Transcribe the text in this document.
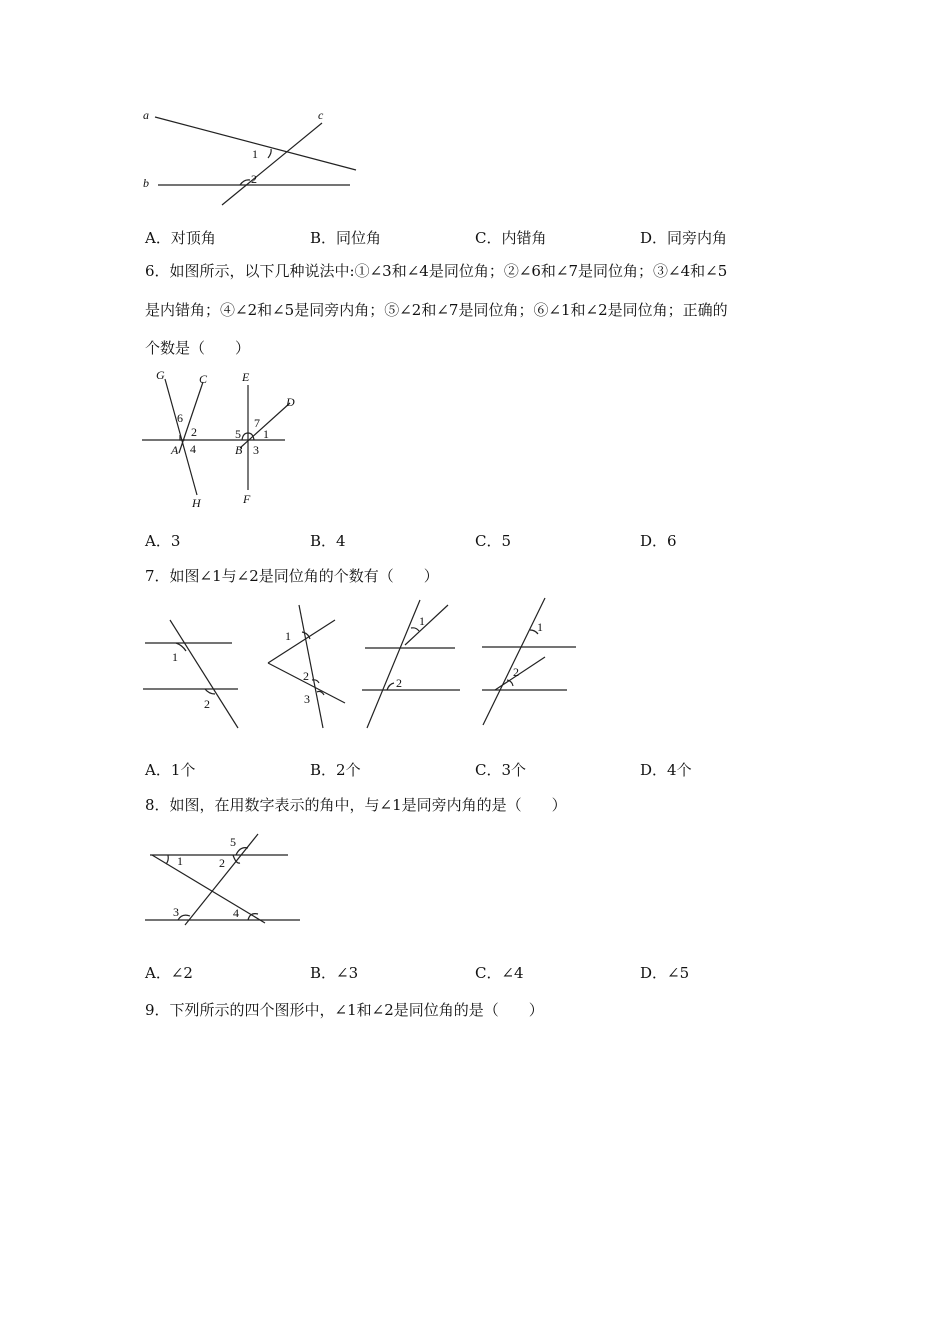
a	c
b
1
2
A．对顶角	B．同位角	C．内错角	D．同旁内角
6．如图所示，以下几种说法中:①∠3和∠4是同位角；②∠6和∠7是同位角；③∠4和∠5
是内错角；④∠2和∠5是同旁内角；⑤∠2和∠7是同位角；⑥∠1和∠2是同位角；正确的
个数是（　　）
G	C	E
D
6
2
7
5 1
A 4	B 3
H	F
A．3	B．4	C．5	D．6
7．如图∠1与∠2是同位角的个数有（　　）
1
2
1
2
3
1
2
1
2
A．1个	B．2个	C．3个	D．4个
8．如图，在用数字表示的角中，与∠1是同旁内角的是（　　）
5
1	2
3	4
A．∠2	B．∠3	C．∠4	D．∠5
9．下列所示的四个图形中，∠1和∠2是同位角的是（　　）
